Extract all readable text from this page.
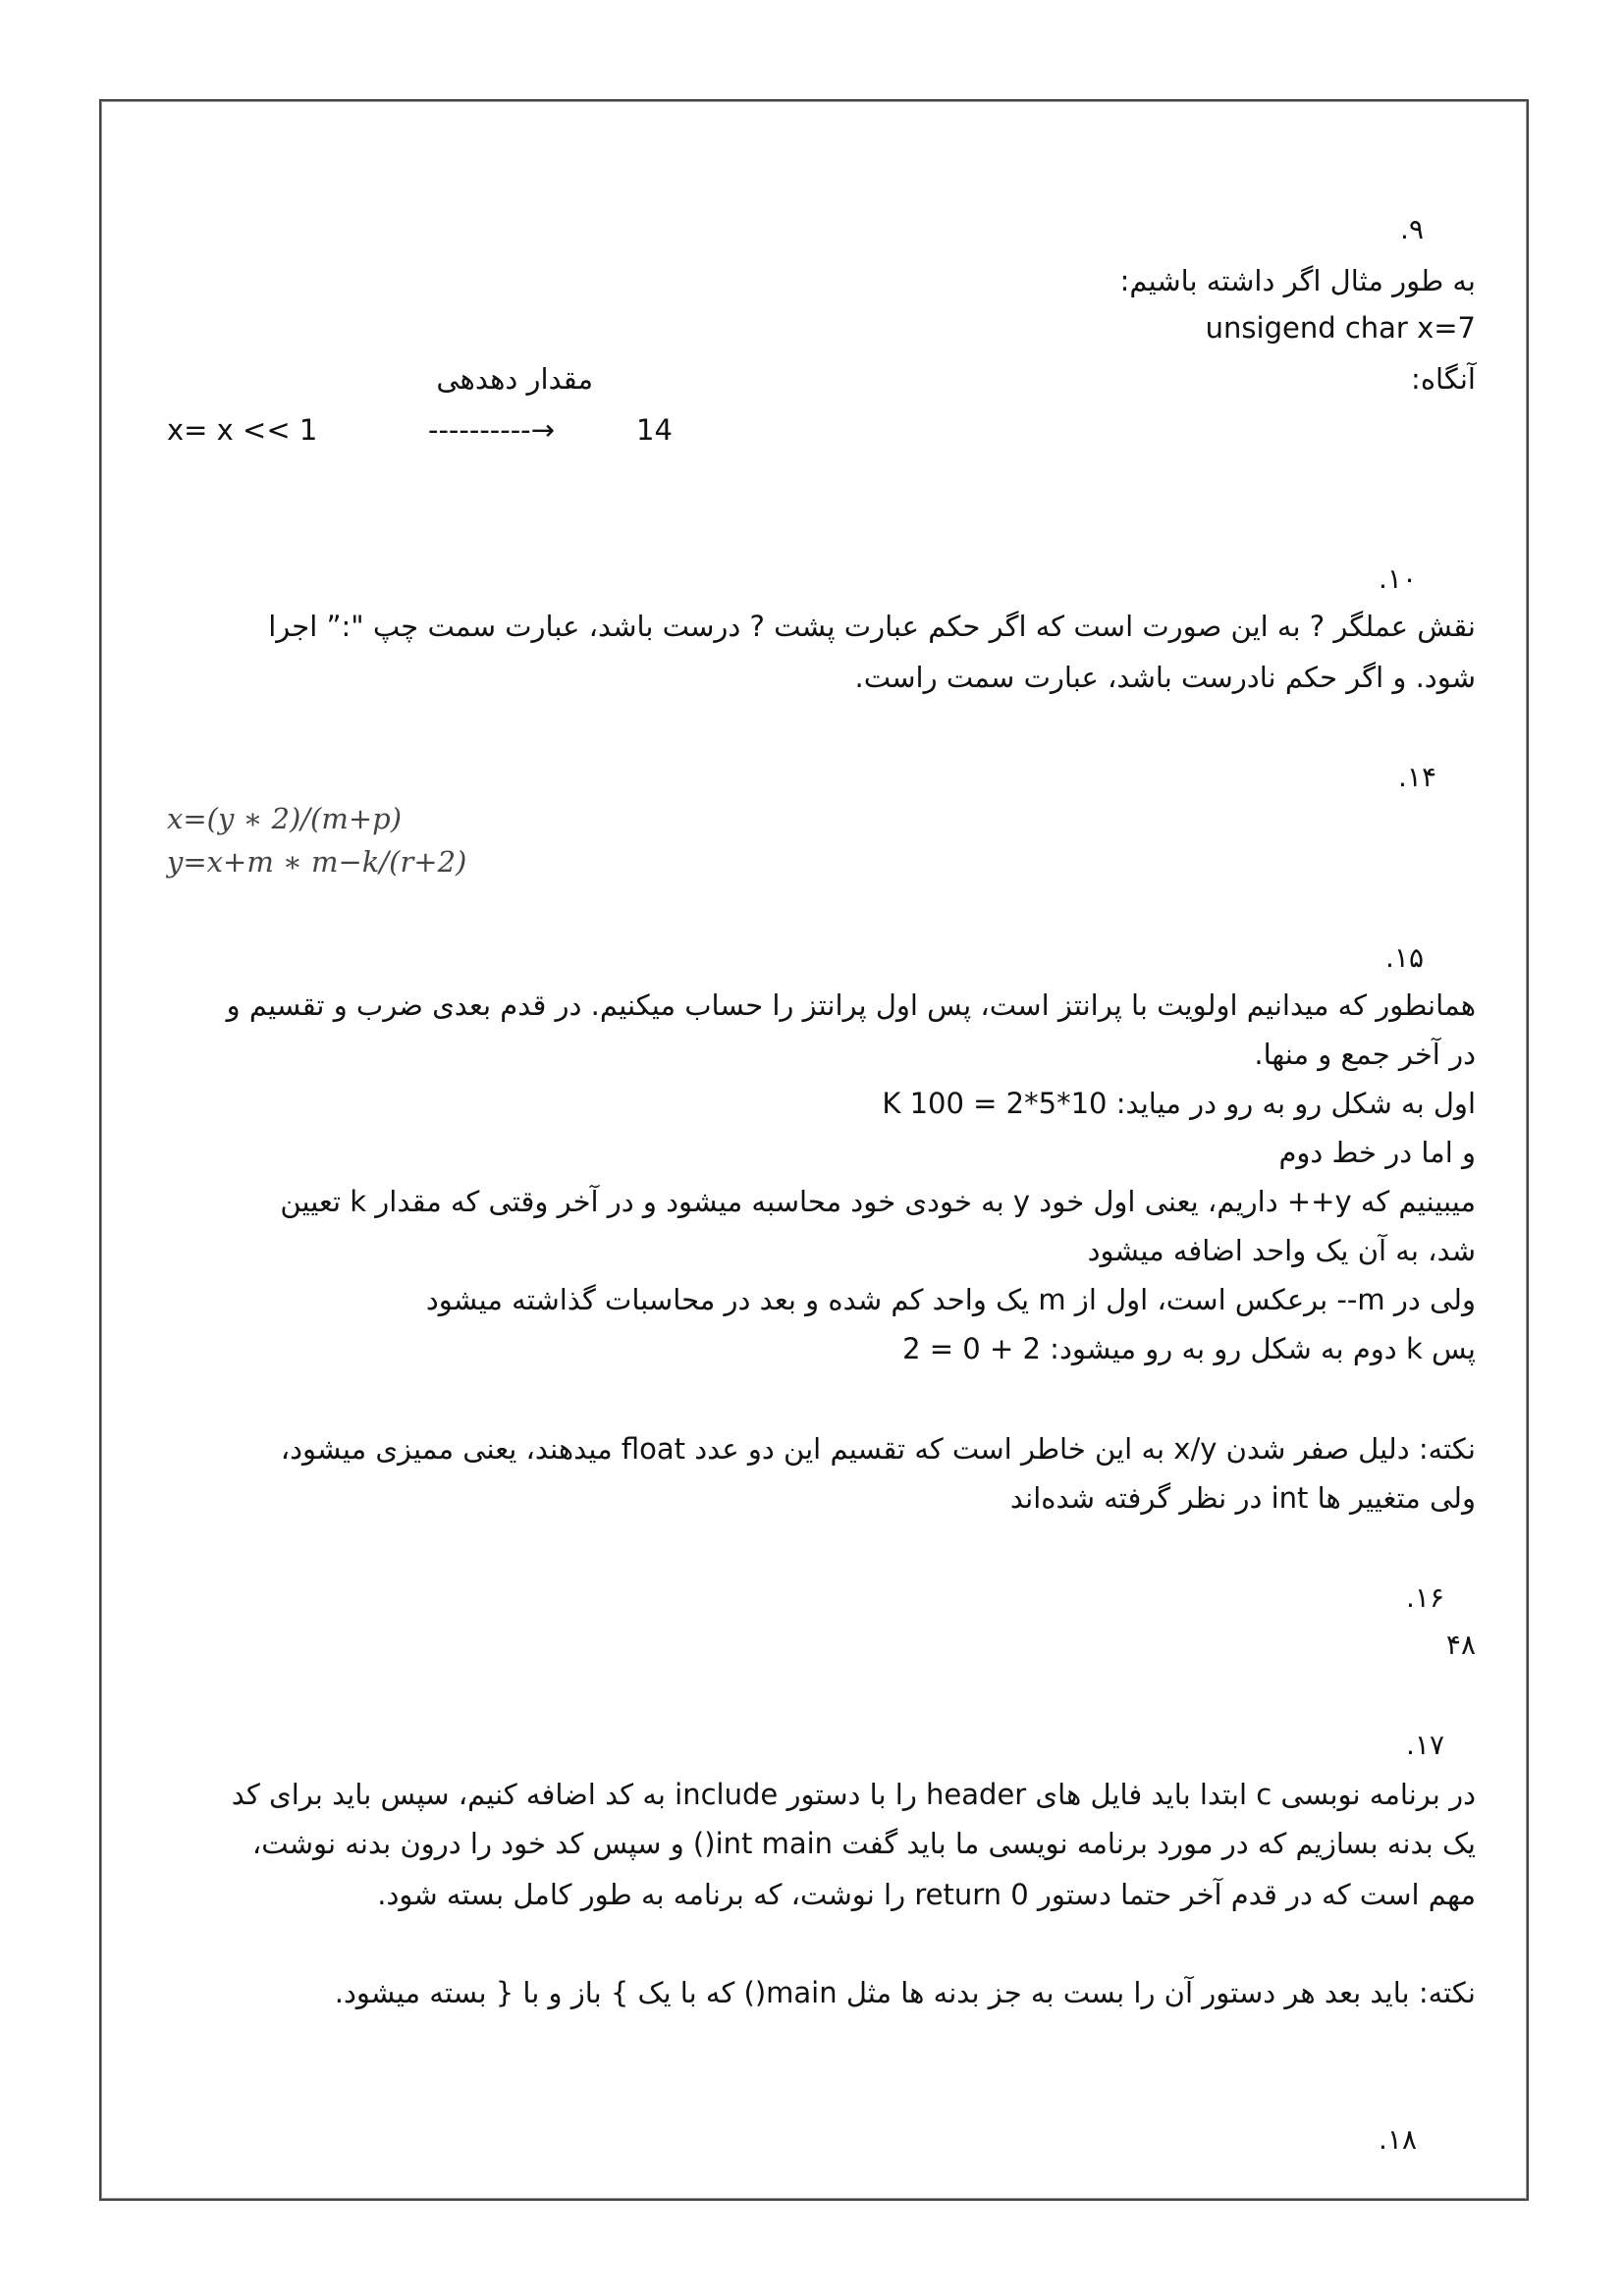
.۹
به طور مثال اگر داشته باشیم:
unsigend char x=7
آنگاه:
مقدار دهدهی
x= x << 1	----------→	14
.۱۰
نقش عملگر ? به این صورت است که اگر حکم عبارت پشت ? درست باشد، عبارت سمت چپ ":” اجرا
شود. و اگر حکم نادرست باشد، عبارت سمت راست.
.۱۴
x=(y ∗ 2)/(m+p)
y=x+m ∗ m−k/(r+2)
.۱۵
همانطور که میدانیم اولویت با پرانتز است، پس اول پرانتز را حساب میکنیم. در قدم بعدی ضرب و تقسیم و
در آخر جمع و منها.
K اول به شکل رو به رو در میاید: 10*5*2 = 100
و اما در خط دوم
میبینیم که y++ داریم، یعنی اول خود y به خودی خود محاسبه میشود و در آخر وقتی که مقدار k تعیین
شد، به آن یک واحد اضافه میشود
ولی در m-- برعکس است، اول از m یک واحد کم شده و بعد در محاسبات گذاشته میشود
پس k دوم به شکل رو به رو میشود: 2 + 0 = 2
نکته: دلیل صفر شدن x/y به این خاطر است که تقسیم این دو عدد float میدهند، یعنی ممیزی میشود،
ولی متغییر ها int در نظر گرفته شده‌اند
.۱۶
۴۸
.۱۷
در برنامه نوبسی c ابتدا باید فایل های header را با دستور include به کد اضافه کنیم، سپس باید برای کد
یک بدنه بسازیم که در مورد برنامه نویسی ما باید گفت int main() و سپس کد خود را درون بدنه نوشت،
مهم است که در قدم آخر حتما دستور return 0 را نوشت، که برنامه به طور کامل بسته شود.
نکته: باید بعد هر دستور آن را بست به جز بدنه ها مثل main() که با یک } باز و با { بسته میشود.
.۱۸
